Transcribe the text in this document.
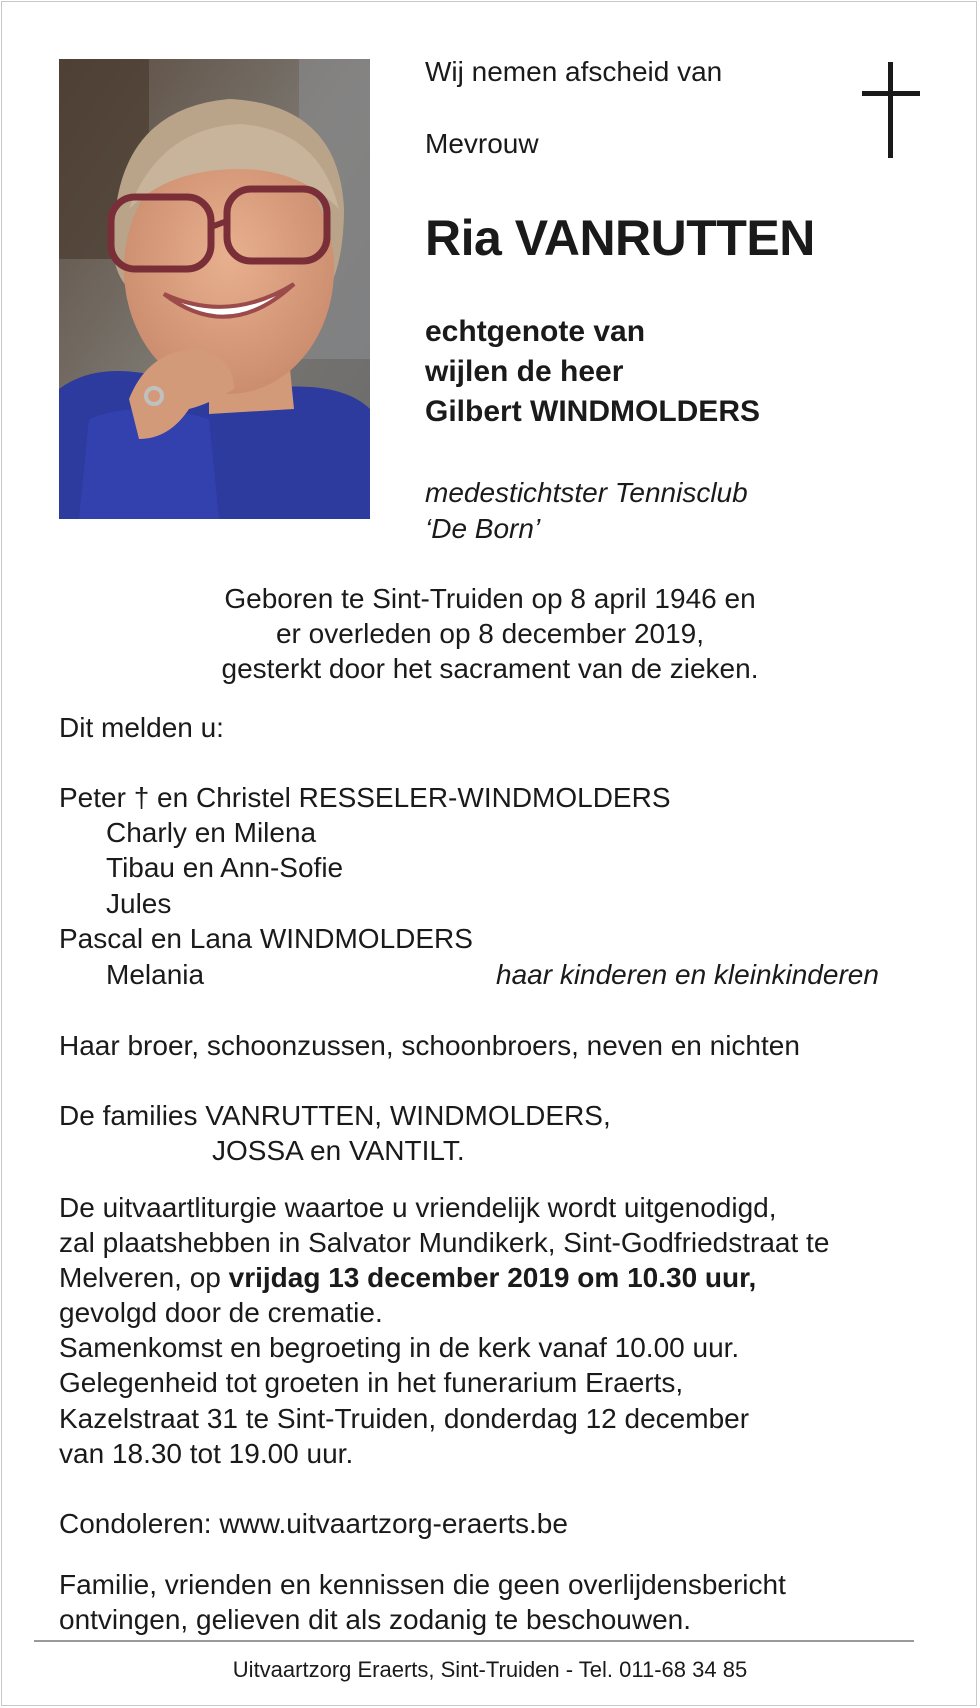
Wij nemen afscheid van
Mevrouw
Ria VANRUTTEN
echtgenote van
wijlen de heer
Gilbert WINDMOLDERS
medestichtster Tennisclub
‘De Born’
Geboren te Sint-Truiden op 8 april 1946 en
er overleden op 8 december 2019,
gesterkt door het sacrament van de zieken.
Dit melden u:
Peter † en Christel RESSELER-WINDMOLDERS
Charly en Milena
Tibau en Ann-Sofie
Jules
Pascal en Lana WINDMOLDERS
Melania	haar kinderen en kleinkinderen
Haar broer, schoonzussen, schoonbroers, neven en nichten
De families VANRUTTEN, WINDMOLDERS,
JOSSA en VANTILT.
De uitvaartliturgie waartoe u vriendelijk wordt uitgenodigd,
zal plaatshebben in Salvator Mundikerk, Sint-Godfriedstraat te
Melveren, op vrijdag 13 december 2019 om 10.30 uur,
gevolgd door de crematie.
Samenkomst en begroeting in de kerk vanaf 10.00 uur.
Gelegenheid tot groeten in het funerarium Eraerts,
Kazelstraat 31 te Sint-Truiden, donderdag 12 december
van 18.30 tot 19.00 uur.
Condoleren: www.uitvaartzorg-eraerts.be
Familie, vrienden en kennissen die geen overlijdensbericht
ontvingen, gelieven dit als zodanig te beschouwen.
Uitvaartzorg Eraerts, Sint-Truiden - Tel. 011-68 34 85
